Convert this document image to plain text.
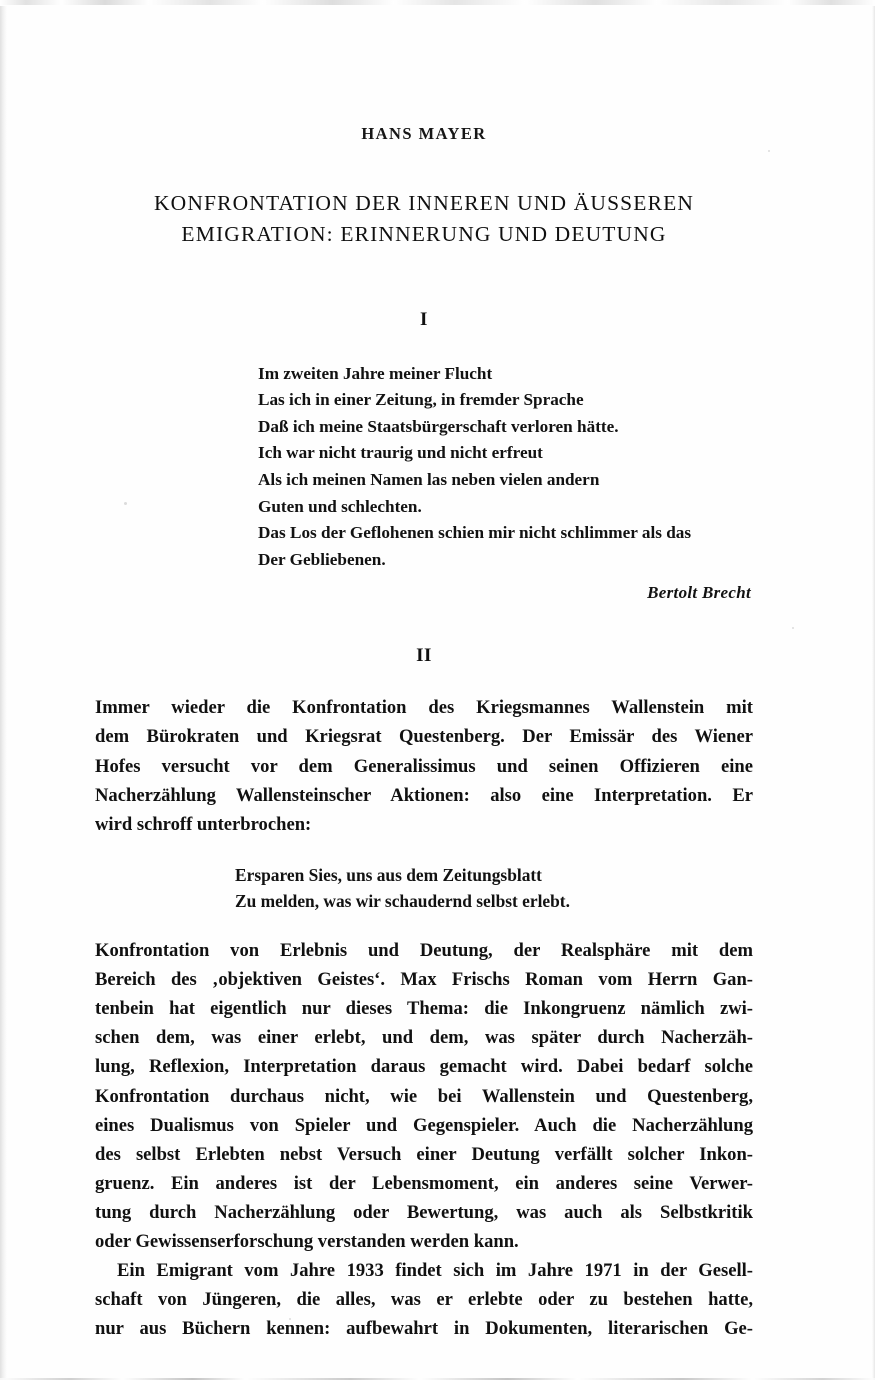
HANS MAYER
KONFRONTATION DER INNEREN UND ÄUSSEREN
EMIGRATION: ERINNERUNG UND DEUTUNG
I
Im zweiten Jahre meiner Flucht
Las ich in einer Zeitung, in fremder Sprache
Daß ich meine Staatsbürgerschaft verloren hätte.
Ich war nicht traurig und nicht erfreut
Als ich meinen Namen las neben vielen andern
Guten und schlechten.
Das Los der Geflohenen schien mir nicht schlimmer als das
Der Gebliebenen.
Bertolt Brecht
II

Immer wieder die Konfrontation des Kriegsmannes Wallenstein mit
dem Bürokraten und Kriegsrat Questenberg. Der Emissär des Wiener
Hofes versucht vor dem Generalissimus und seinen Offizieren eine
Nacherzählung Wallensteinscher Aktionen: also eine Interpretation. Er
wird schroff unterbrochen:

Ersparen Sies, uns aus dem Zeitungsblatt
Zu melden, was wir schaudernd selbst erlebt.

Konfrontation von Erlebnis und Deutung, der Realsphäre mit dem
Bereich des ‚objektiven Geistes‘. Max Frischs Roman vom Herrn Gan-
tenbein hat eigentlich nur dieses Thema: die Inkongruenz nämlich zwi-
schen dem, was einer erlebt, und dem, was später durch Nacherzäh-
lung, Reflexion, Interpretation daraus gemacht wird. Dabei bedarf solche
Konfrontation durchaus nicht, wie bei Wallenstein und Questenberg,
eines Dualismus von Spieler und Gegenspieler. Auch die Nacherzählung
des selbst Erlebten nebst Versuch einer Deutung verfällt solcher Inkon-
gruenz. Ein anderes ist der Lebensmoment, ein anderes seine Verwer-
tung durch Nacherzählung oder Bewertung, was auch als Selbstkritik
oder Gewissenserforschung verstanden werden kann.

Ein Emigrant vom Jahre 1933 findet sich im Jahre 1971 in der Gesell-
schaft von Jüngeren, die alles, was er erlebte oder zu bestehen hatte,
nur aus Büchern kennen: aufbewahrt in Dokumenten, literarischen Ge-
